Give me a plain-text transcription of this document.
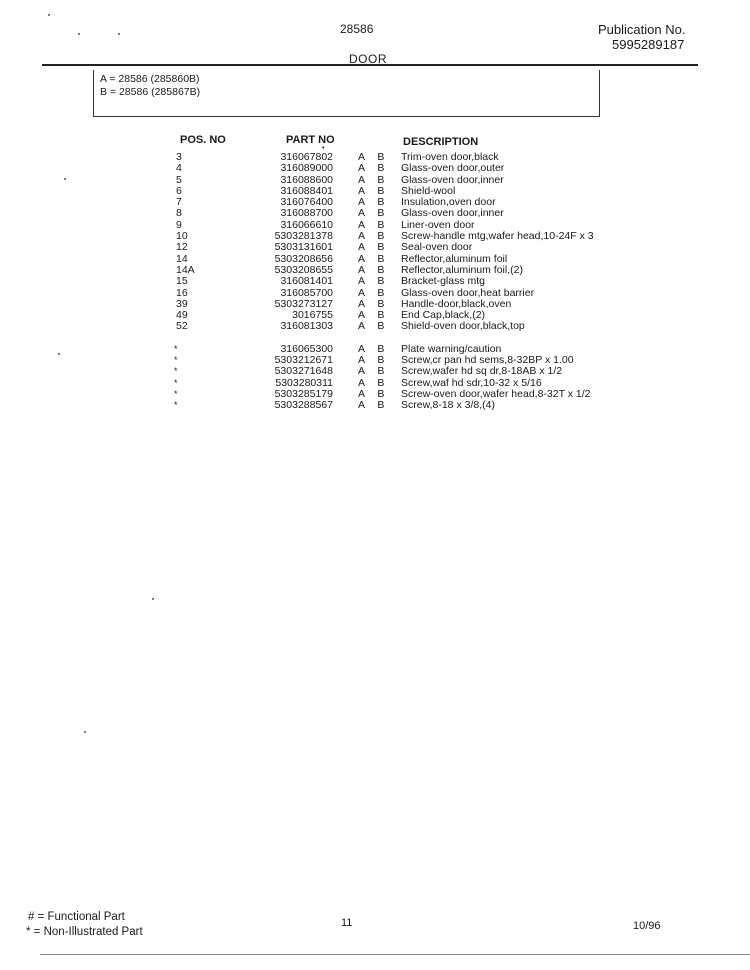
28586	Publication No.
5995289187
DOOR
A = 28586 (285860B)
B = 28586 (285867B)
POS. NO	PART NO	DESCRIPTION
•
3	316067802 A B Trim-oven door,black
4	316089000 A B Glass-oven door,outer
5	316088600 A B Glass-oven door,inner
6	316088401 A B Shield-wool
7	316076400 A B Insulation,oven door
8	316088700 A B Glass-oven door,inner
9	316066610 A B Liner-oven door
10	5303281378 A B Screw-handle mtg,wafer head,10-24F x 3
12	5303131601 A B Seal-oven door
14	5303208656 A B Reflector,aluminum foil
14A	5303208655 A B Reflector,aluminum foil,(2)
15	316081401 A B Bracket-glass mtg
16	316085700 A B Glass-oven door,heat barrier
39	5303273127 A B Handle-door,black,oven
49	3016755 A B End Cap,black,(2)
52	316081303 A B Shield-oven door,black,top
*	316065300 A B Plate warning/caution
*	5303212671 A B Screw,cr pan hd sems,8-32BP x 1.00
*	5303271648 A B Screw,wafer hd sq dr,8-18AB x 1/2
*	5303280311 A B Screw,waf hd sdr,10-32 x 5/16
*	5303285179 A B Screw-oven door,wafer head,8-32T x 1/2
*	5303288567 A B Screw,8-18 x 3/8,(4)
# = Functional Part
* = Non-Illustrated Part
11	10/96
